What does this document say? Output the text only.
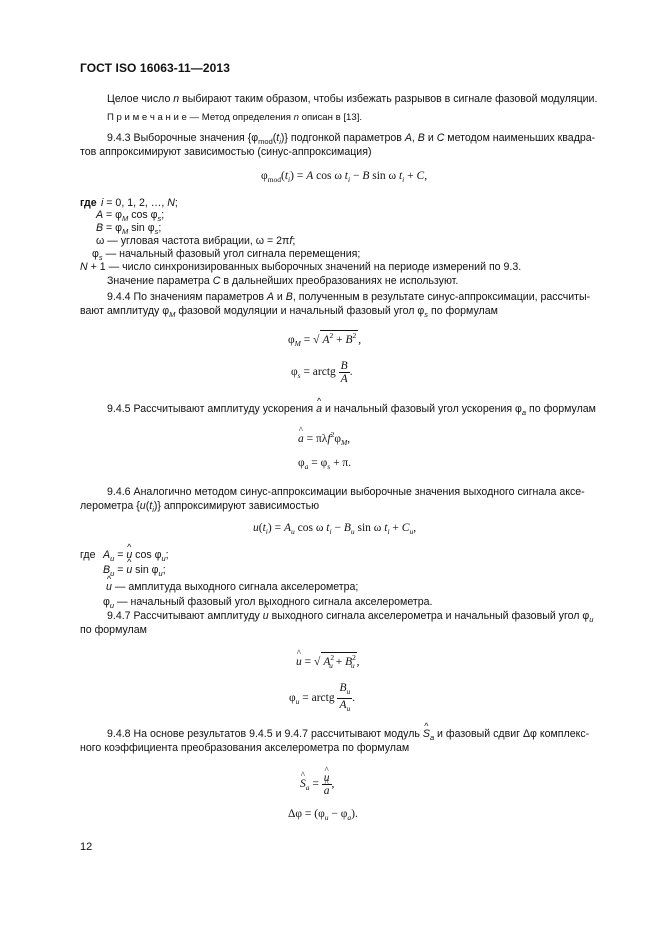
ГОСТ ISO 16063-11—2013
Целое число n выбирают таким образом, чтобы избежать разрывов в сигнале фазовой модуляции.
П р и м е ч а н и е — Метод определения n описан в [13].
9.4.3 Выборочные значения $\{\varphi_{mod}(t_i)\}$ подгонкой параметров A, B и C методом наименьших квадра-
тов аппроксимируют зависимостью (синус-аппроксимация)
$\varphi_{mod}(t_i) = A$ cos ω $t_i - B$ sin ω $t_i + C$,
где i = 0, 1, 2, …, N;
$A = \varphi_M$ $\cos \varphi_s$;
$B = \varphi_M$ $\sin \varphi_s$;
ω — угловая частота вибрации, ω = 2πf;
$\varphi_s$ — начальный фазовый угол сигнала перемещения;
N + 1 — число синхронизированных выборочных значений на периоде измерений по 9.3.
Значение параметра C в дальнейших преобразованиях не используют.
9.4.4 По значениям параметров A и B, полученным в результате синус-аппроксимации, рассчиты-
вают амплитуду $\varphi_M$ фазовой модуляции и начальный фазовый угол $\varphi_s$ по формулам
$\varphi_M$ = √ $A^2 + B^2$ ,
$\varphi_s$ = arctg $\frac{B}{A}$ .
9.4.5 Рассчитывают амплитуду ускорения ^ a и начальный фазовый угол ускорения $\varphi_a$ по формулам
^ $a = \pi\lambda f^2\varphi_M$,
$\varphi_a = \varphi_s + \pi$.
9.4.6 Аналогично методом синус-аппроксимации выборочные значения выходного сигнала аксе-
лерометра $\{u(t_i)\}$ аппроксимируют зависимостью
$u(t_i) = A_u$ cos ω $t_i - B_u$ sin ω $t_i + C_u$,
где $A_u$ = ^ u $\cos \varphi_u$;
$B_u$ = ^ u $\sin \varphi_u$;
^ u — амплитуда выходного сигнала акселерометра;
$\varphi_u$ — начальный фазовый угол выходного сигнала акселерометра.
9.4.7 Рассчитывают амплитуду ^ u выходного сигнала акселерометра и начальный фазовый угол $\varphi_u$
по формулам
^ u = √ $A^2_u + B^2_u$ ,
$\varphi_u$ = arctg $\frac{B_u}{A_u}$ .
9.4.8 На основе результатов 9.4.5 и 9.4.7 рассчитывают модуль ^ $S_a$ и фазовый сдвиг Δφ комплекс-
ного коэффициента преобразования акселерометра по формулам
^ $S_a$ =
^ u
^ a ,
$\Delta\varphi = (\varphi_u - \varphi_a)$.
12
